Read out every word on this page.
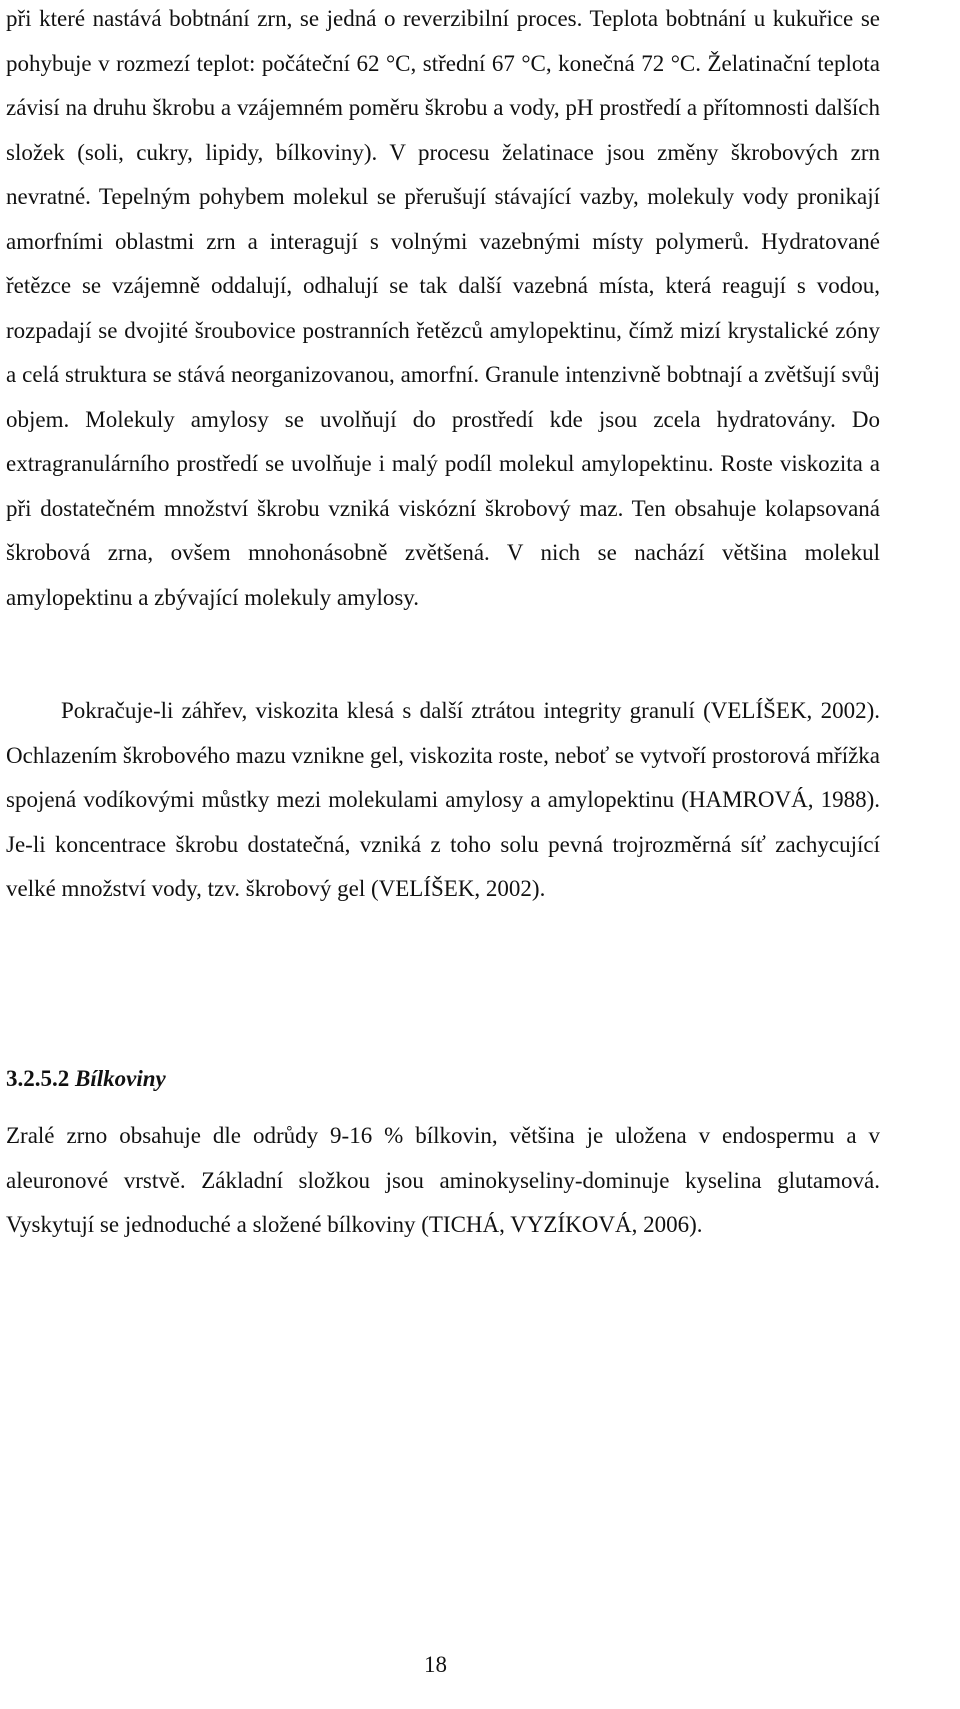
při které nastává bobtnání zrn, se jedná o reverzibilní proces. Teplota bobtnání u kukuřice se pohybuje v rozmezí teplot: počáteční 62 °C, střední 67 °C, konečná 72 °C. Želatinační teplota závisí na druhu škrobu a vzájemném poměru škrobu a vody, pH prostředí a přítomnosti dalších složek (soli, cukry, lipidy, bílkoviny). V procesu želatinace jsou změny škrobových zrn nevratné. Tepelným pohybem molekul se přerušují stávající vazby, molekuly vody pronikají amorfními oblastmi zrn a interagují s volnými vazebnými místy polymerů. Hydratované řetězce se vzájemně oddalují, odhalují se tak další vazebná místa, která reagují s vodou, rozpadají se dvojité šroubovice postranních řetězců amylopektinu, čímž mizí krystalické zóny a celá struktura se stává neorganizovanou, amorfní. Granule intenzivně bobtnají a zvětšují svůj objem. Molekuly amylosy se uvolňují do prostředí kde jsou zcela hydratovány. Do extragranulárního prostředí se uvolňuje i malý podíl molekul amylopektinu. Roste viskozita a při dostatečném množství škrobu vzniká viskózní škrobový maz. Ten obsahuje kolapsovaná škrobová zrna, ovšem mnohonásobně zvětšená. V nich se nachází většina molekul amylopektinu a zbývající molekuly amylosy.

Pokračuje-li záhřev, viskozita klesá s další ztrátou integrity granulí (VELÍŠEK, 2002). Ochlazením škrobového mazu vznikne gel, viskozita roste, neboť se vytvoří prostorová mřížka spojená vodíkovými můstky mezi molekulami amylosy a amylopektinu (HAMROVÁ, 1988). Je-li koncentrace škrobu dostatečná, vzniká z toho solu pevná trojrozměrná síť zachycující velké množství vody, tzv. škrobový gel (VELÍŠEK, 2002).

3.2.5.2 Bílkoviny

Zralé zrno obsahuje dle odrůdy 9-16 % bílkovin, většina je uložena v endospermu a v aleuronové vrstvě. Základní složkou jsou aminokyseliny-dominuje kyselina glutamová. Vyskytují se jednoduché a složené bílkoviny (TICHÁ, VYZÍKOVÁ, 2006).

18
